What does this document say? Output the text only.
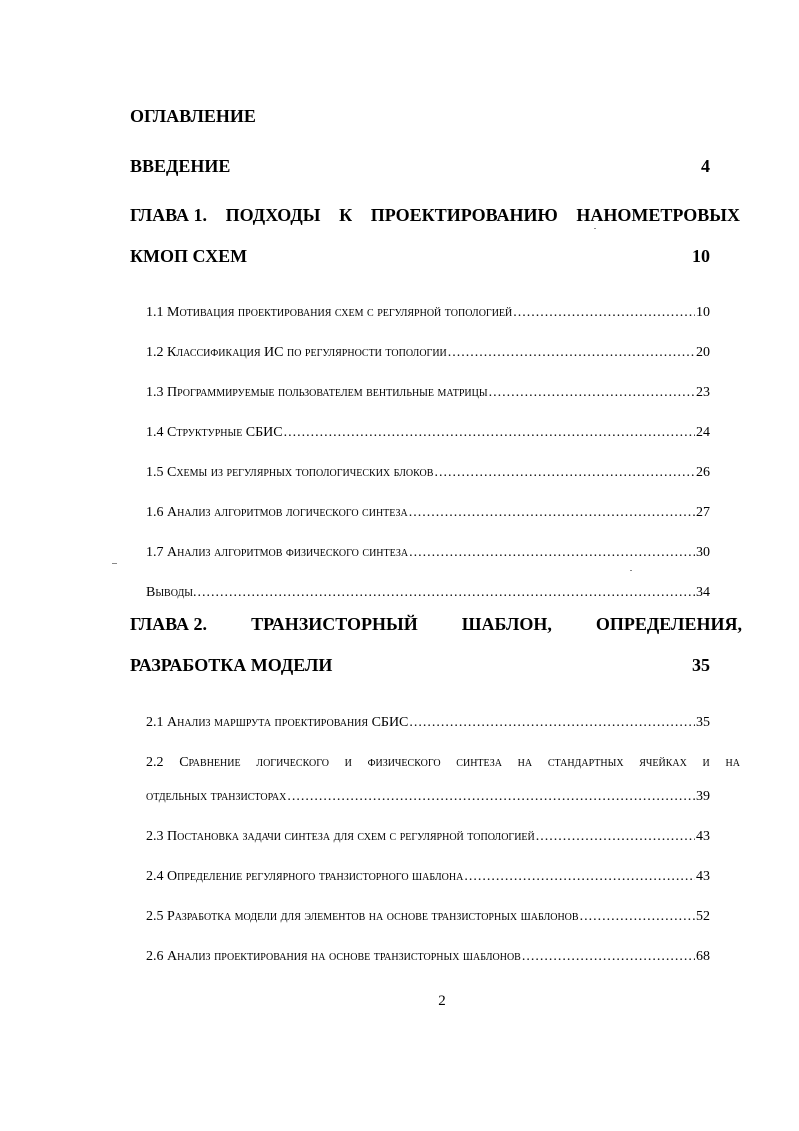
ОГЛАВЛЕНИЕ
ВВЕДЕНИЕ	4
ГЛАВА 1. ПОДХОДЫ К ПРОЕКТИРОВАНИЮ НАНОМЕТРОВЫХ
КМОП СХЕМ	10
1.1 Мотивация проектирования схем с регулярной топологией .....	10
1.2 Классификация ИС по регулярности топологии .....	20
1.3 Программируемые пользователем вентильные матрицы .....	23
1.4 Структурные СБИС .....	24
1.5 Схемы из регулярных топологических блоков .....	26
1.6 Анализ алгоритмов логического синтеза .....	27
1.7 Анализ алгоритмов физического синтеза .....	30
Выводы. .....	34
ГЛАВА 2. ТРАНЗИСТОРНЫЙ ШАБЛОН, ОПРЕДЕЛЕНИЯ,
РАЗРАБОТКА МОДЕЛИ	35
2.1 Анализ маршрута проектирования СБИС .....	35
2.2 Сравнение логического и физического синтеза на стандартных ячейках и на
отдельных транзисторах .....	39
2.3 Постановка задачи синтеза для схем с регулярной топологией .....	43
2.4 Определение регулярного транзисторного шаблона .....	43
2.5 Разработка модели для элементов на основе транзисторных шаблонов .....	52
2.6 Анализ проектирования на основе транзисторных шаблонов .....	68
2
